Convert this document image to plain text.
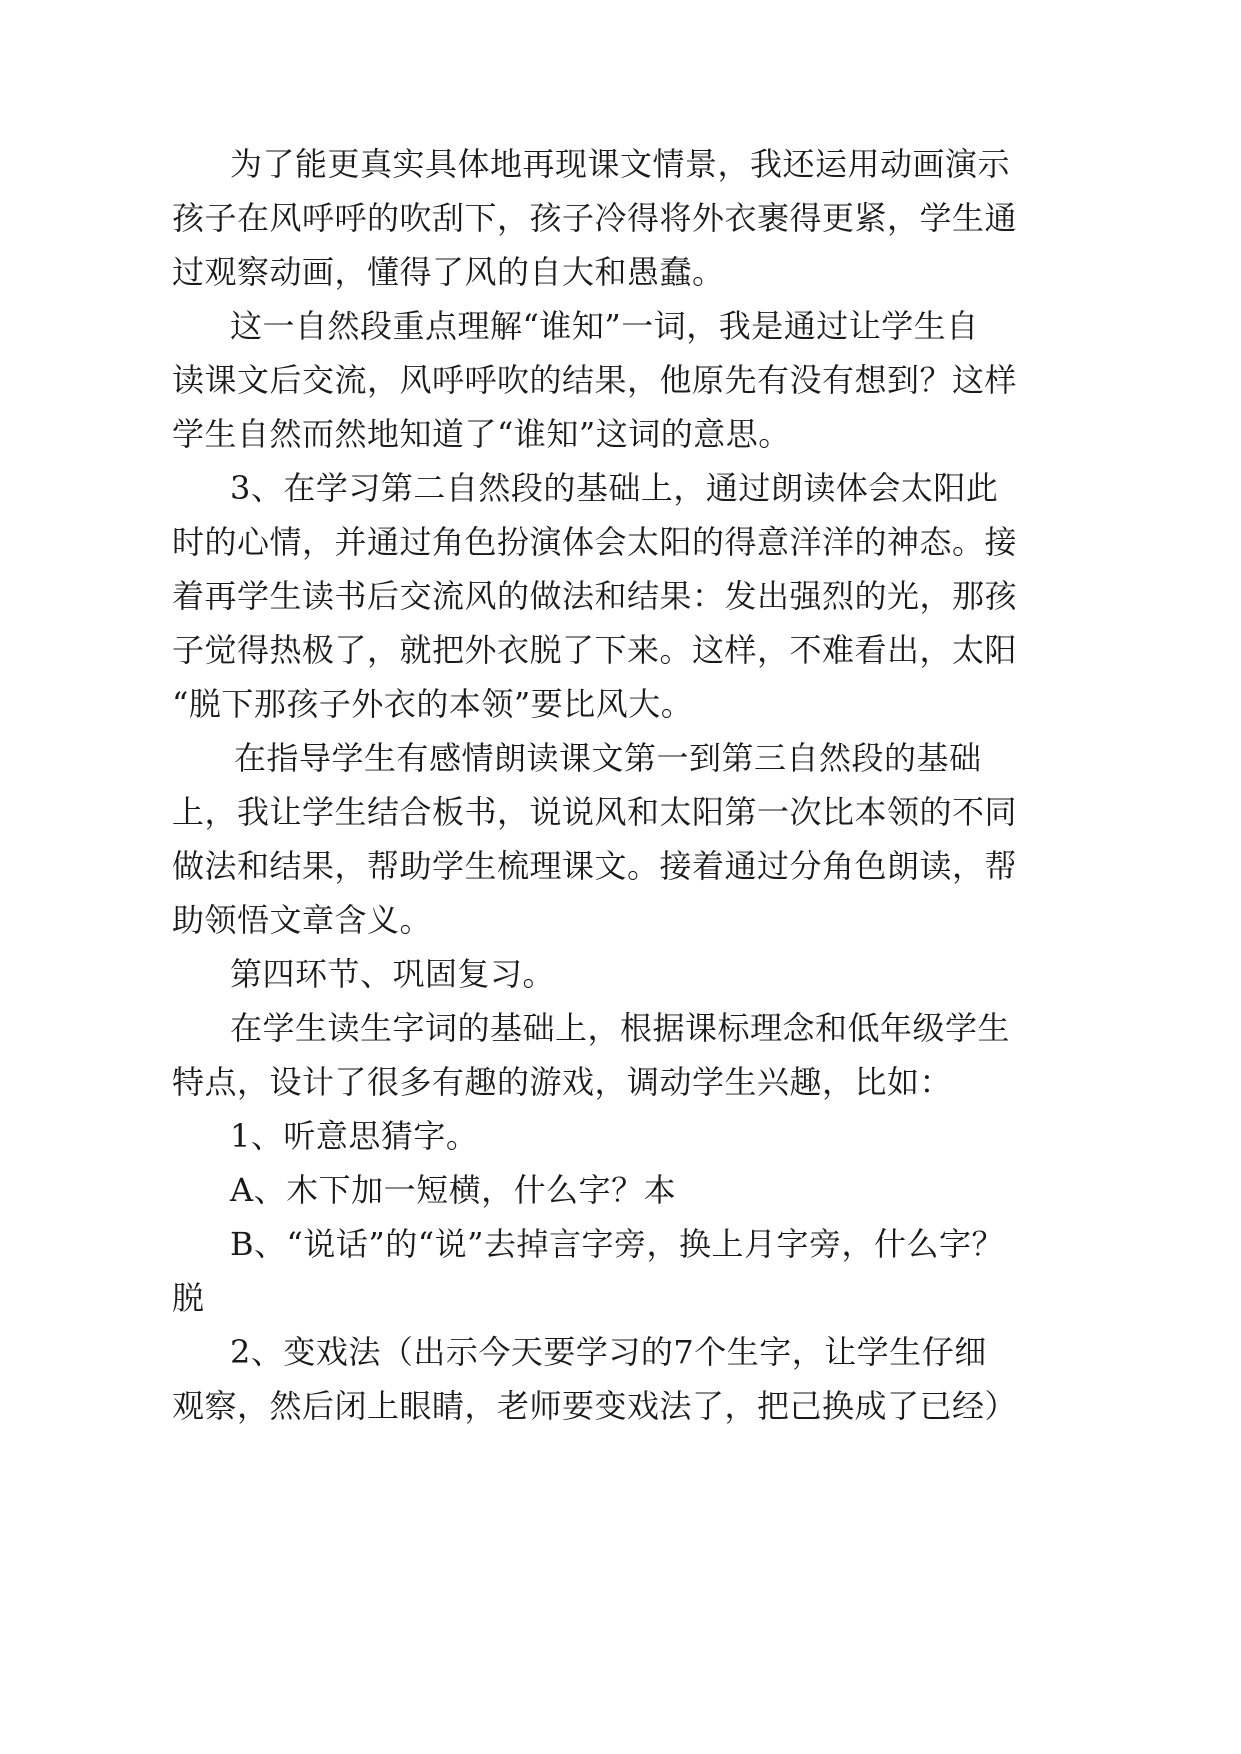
为了能更真实具体地再现课文情景，我还运用动画演示
孩子在风呼呼的吹刮下，孩子冷得将外衣裹得更紧，学生通
过观察动画，懂得了风的自大和愚蠢。
这一自然段重点理解“谁知”一词，我是通过让学生自
读课文后交流，风呼呼吹的结果，他原先有没有想到？这样
学生自然而然地知道了“谁知”这词的意思。
3、在学习第二自然段的基础上，通过朗读体会太阳此
时的心情，并通过角色扮演体会太阳的得意洋洋的神态。接
着再学生读书后交流风的做法和结果：发出强烈的光，那孩
子觉得热极了，就把外衣脱了下来。这样，不难看出，太阳
“脱下那孩子外衣的本领”要比风大。
在指导学生有感情朗读课文第一到第三自然段的基础
上，我让学生结合板书，说说风和太阳第一次比本领的不同
做法和结果，帮助学生梳理课文。接着通过分角色朗读，帮
助领悟文章含义。
第四环节、巩固复习。
在学生读生字词的基础上，根据课标理念和低年级学生
特点，设计了很多有趣的游戏，调动学生兴趣，比如：
1、听意思猜字。
A、木下加一短横，什么字？本
B、“说话”的“说”去掉言字旁，换上月字旁，什么字？
脱
2、变戏法（出示今天要学习的7个生字，让学生仔细
观察，然后闭上眼睛，老师要变戏法了，把己换成了已经）
